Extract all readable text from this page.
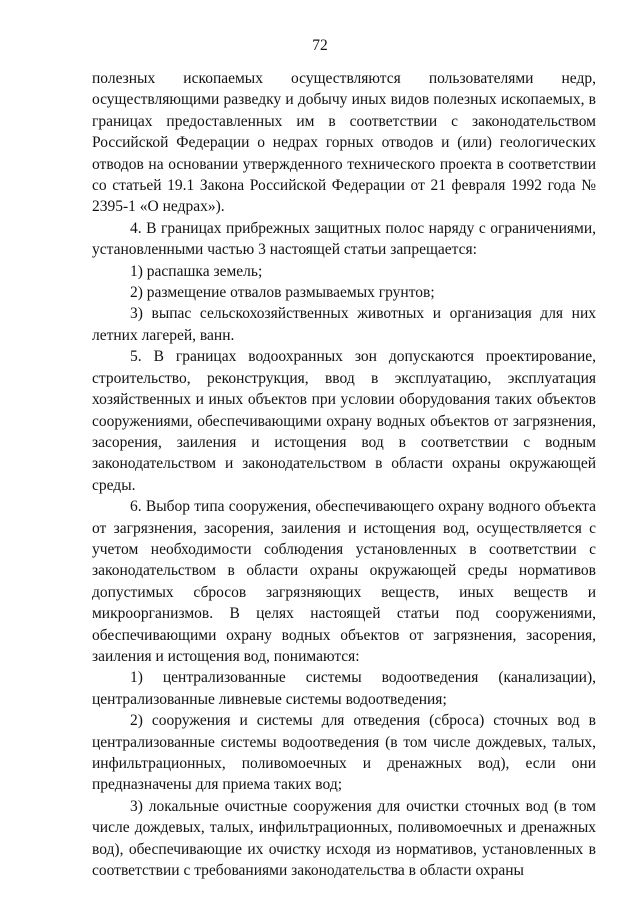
72

полезных ископаемых осуществляются пользователями недр, осуществляющими разведку и добычу иных видов полезных ископаемых, в границах предоставленных им в соответствии с законодательством Российской Федерации о недрах горных отводов и (или) геологических отводов на основании утвержденного технического проекта в соответствии со статьей 19.1 Закона Российской Федерации от 21 февраля 1992 года № 2395-1 «О недрах»).

4. В границах прибрежных защитных полос наряду с ограничениями, установленными частью 3 настоящей статьи запрещается:

1) распашка земель;

2) размещение отвалов размываемых грунтов;

3) выпас сельскохозяйственных животных и организация для них летних лагерей, ванн.

5. В границах водоохранных зон допускаются проектирование, строительство, реконструкция, ввод в эксплуатацию, эксплуатация хозяйственных и иных объектов при условии оборудования таких объектов сооружениями, обеспечивающими охрану водных объектов от загрязнения, засорения, заиления и истощения вод в соответствии с водным законодательством и законодательством в области охраны окружающей среды.

6. Выбор типа сооружения, обеспечивающего охрану водного объекта от загрязнения, засорения, заиления и истощения вод, осуществляется с учетом необходимости соблюдения установленных в соответствии с законодательством в области охраны окружающей среды нормативов допустимых сбросов загрязняющих веществ, иных веществ и микроорганизмов. В целях настоящей статьи под сооружениями, обеспечивающими охрану водных объектов от загрязнения, засорения, заиления и истощения вод, понимаются:

1) централизованные системы водоотведения (канализации), централизованные ливневые системы водоотведения;

2) сооружения и системы для отведения (сброса) сточных вод в централизованные системы водоотведения (в том числе дождевых, талых, инфильтрационных, поливомоечных и дренажных вод), если они предназначены для приема таких вод;

3) локальные очистные сооружения для очистки сточных вод (в том числе дождевых, талых, инфильтрационных, поливомоечных и дренажных вод), обеспечивающие их очистку исходя из нормативов, установленных в соответствии с требованиями законодательства в области охраны
